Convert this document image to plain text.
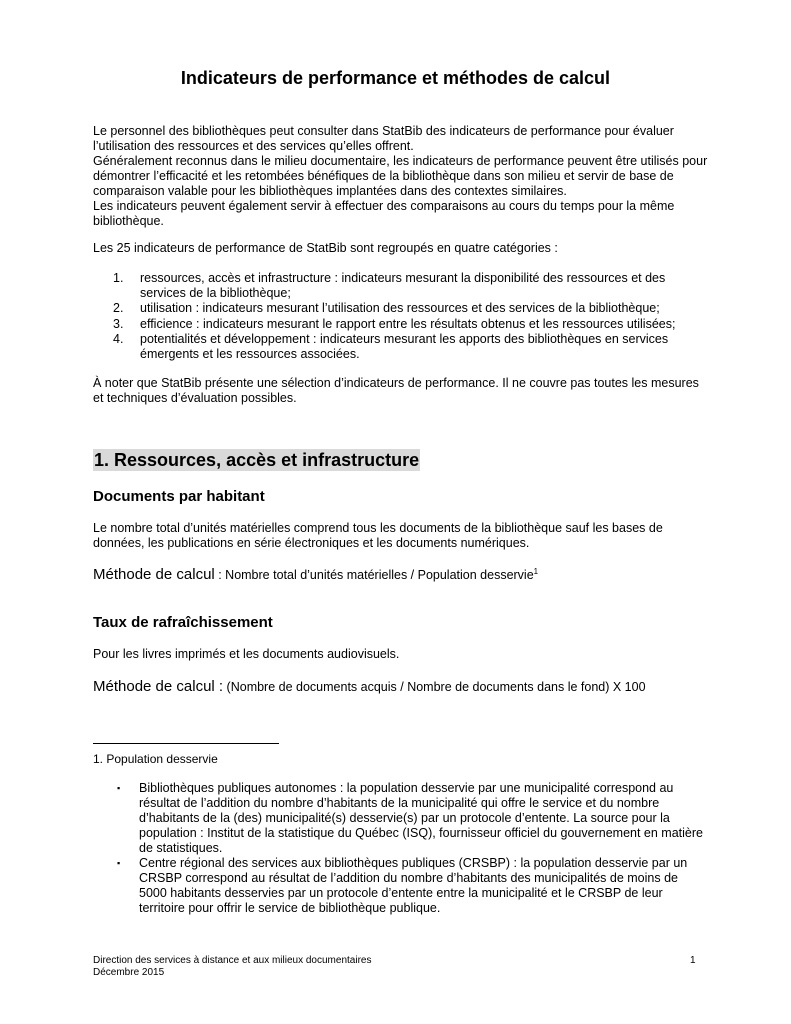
Indicateurs de performance et méthodes de calcul

Le personnel des bibliothèques peut consulter dans StatBib des indicateurs de performance pour évaluer l’utilisation des ressources et des services qu’elles offrent.

Généralement reconnus dans le milieu documentaire, les indicateurs de performance peuvent être utilisés pour démontrer l’efficacité et les retombées bénéfiques de la bibliothèque dans son milieu et servir de base de comparaison valable pour les bibliothèques implantées dans des contextes similaires.

Les indicateurs peuvent également servir à effectuer des comparaisons au cours du temps pour la même bibliothèque.

Les 25 indicateurs de performance de StatBib sont regroupés en quatre catégories :

1. ressources, accès et infrastructure : indicateurs mesurant la disponibilité des ressources et des services de la bibliothèque;
2. utilisation : indicateurs mesurant l’utilisation des ressources et des services de la bibliothèque;
3. efficience : indicateurs mesurant le rapport entre les résultats obtenus et les ressources utilisées;
4. potentialités et développement : indicateurs mesurant les apports des bibliothèques en services émergents et les ressources associées.

À noter que StatBib présente une sélection d’indicateurs de performance. Il ne couvre pas toutes les mesures et techniques d’évaluation possibles.

1. Ressources, accès et infrastructure
Documents par habitant

Le nombre total d’unités matérielles comprend tous les documents de la bibliothèque sauf les bases de données, les publications en série électroniques et les documents numériques.

Méthode de calcul : Nombre total d’unités matérielles / Population desservie$^1$

Taux de rafraîchissement

Pour les livres imprimés et les documents audiovisuels.

Méthode de calcul : (Nombre de documents acquis / Nombre de documents dans le fond) X 100

1. Population desservie

▪ Bibliothèques publiques autonomes : la population desservie par une municipalité correspond au résultat de l’addition du nombre d’habitants de la municipalité qui offre le service et du nombre d’habitants de la (des) municipalité(s) desservie(s) par un protocole d’entente. La source pour la population : Institut de la statistique du Québec (ISQ), fournisseur officiel du gouvernement en matière de statistiques.
▪ Centre régional des services aux bibliothèques publiques (CRSBP) : la population desservie par un CRSBP correspond au résultat de l’addition du nombre d’habitants des municipalités de moins de 5000 habitants desservies par un protocole d’entente entre la municipalité et le CRSBP de leur territoire pour offrir le service de bibliothèque publique.
Direction des services à distance et aux milieux documentaires
Décembre 2015
1
